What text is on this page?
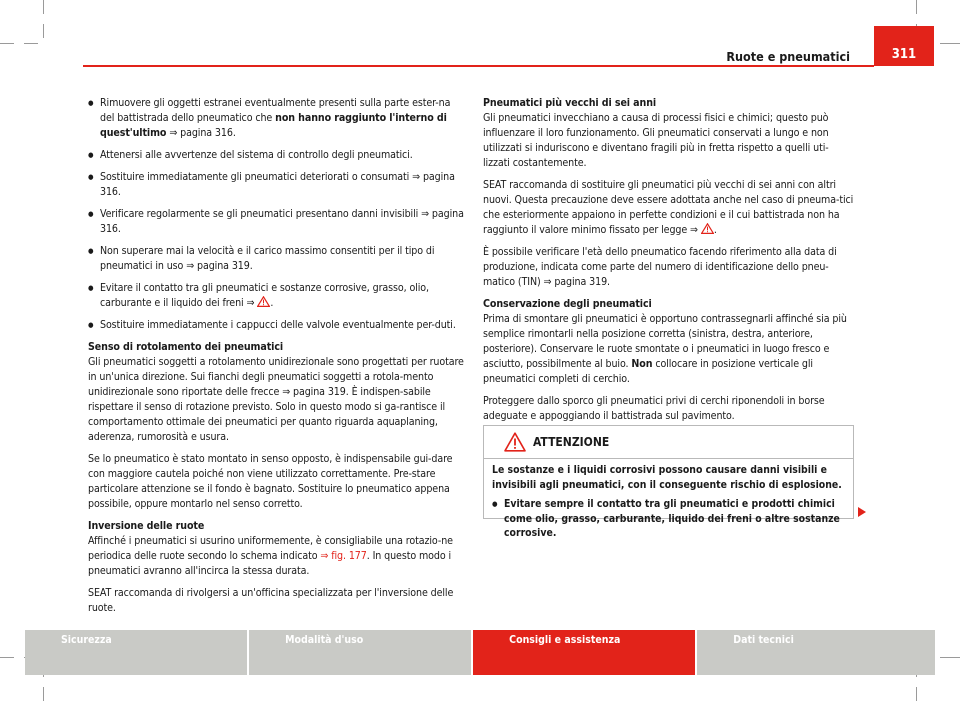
Ruote e pneumatici	311

● Rimuovere gli oggetti estranei eventualmente presenti sulla parte ester-na del battistrada dello pneumatico che non hanno raggiunto l'interno di quest'ultimo ⇒ pagina 316.

● Attenersi alle avvertenze del sistema di controllo degli pneumatici.

● Sostituire immediatamente gli pneumatici deteriorati o consumati ⇒ pagina 316.

● Verificare regolarmente se gli pneumatici presentano danni invisibili ⇒ pagina 316.

● Non superare mai la velocità e il carico massimo consentiti per il tipo di pneumatici in uso ⇒ pagina 319.

● Evitare il contatto tra gli pneumatici e sostanze corrosive, grasso, olio, carburante e il liquido dei freni ⇒ .

● Sostituire immediatamente i cappucci delle valvole eventualmente per-duti.

Senso di rotolamento dei pneumatici

Gli pneumatici soggetti a rotolamento unidirezionale sono progettati per ruotare in un'unica direzione. Sui fianchi degli pneumatici soggetti a rotola-mento unidirezionale sono riportate delle frecce ⇒ pagina 319. È indispen-sabile rispettare il senso di rotazione previsto. Solo in questo modo si ga-rantisce il comportamento ottimale dei pneumatici per quanto riguarda aquaplaning, aderenza, rumorosità e usura.

Se lo pneumatico è stato montato in senso opposto, è indispensabile gui-dare con maggiore cautela poiché non viene utilizzato correttamente. Pre-stare particolare attenzione se il fondo è bagnato. Sostituire lo pneumatico appena possibile, oppure montarlo nel senso corretto.

Inversione delle ruote

Affinché i pneumatici si usurino uniformemente, è consigliabile una rotazio-ne periodica delle ruote secondo lo schema indicato ⇒ fig. 177. In questo modo i pneumatici avranno all'incirca la stessa durata.

SEAT raccomanda di rivolgersi a un'officina specializzata per l'inversione delle ruote.

Pneumatici più vecchi di sei anni

Gli pneumatici invecchiano a causa di processi fisici e chimici; questo può influenzare il loro funzionamento. Gli pneumatici conservati a lungo e non utilizzati si induriscono e diventano fragili più in fretta rispetto a quelli uti-lizzati costantemente.

SEAT raccomanda di sostituire gli pneumatici più vecchi di sei anni con altri nuovi. Questa precauzione deve essere adottata anche nel caso di pneuma-tici che esteriormente appaiono in perfette condizioni e il cui battistrada non ha raggiunto il valore minimo fissato per legge ⇒ .

È possibile verificare l'età dello pneumatico facendo riferimento alla data di produzione, indicata come parte del numero di identificazione dello pneu-matico (TIN) ⇒ pagina 319.

Conservazione degli pneumatici

Prima di smontare gli pneumatici è opportuno contrassegnarli affinché sia più semplice rimontarli nella posizione corretta (sinistra, destra, anteriore, posteriore). Conservare le ruote smontate o i pneumatici in luogo fresco e asciutto, possibilmente al buio. Non collocare in posizione verticale gli pneumatici completi di cerchio.

Proteggere dallo sporco gli pneumatici privi di cerchi riponendoli in borse adeguate e appoggiando il battistrada sul pavimento.

ATTENZIONE

Le sostanze e i liquidi corrosivi possono causare danni visibili e invisibili agli pneumatici, con il conseguente rischio di esplosione.

● Evitare sempre il contatto tra gli pneumatici e prodotti chimici come olio, grasso, carburante, liquido dei freni o altre sostanze corrosive.

Sicurezza	Modalità d'uso	Consigli e assistenza	Dati tecnici
